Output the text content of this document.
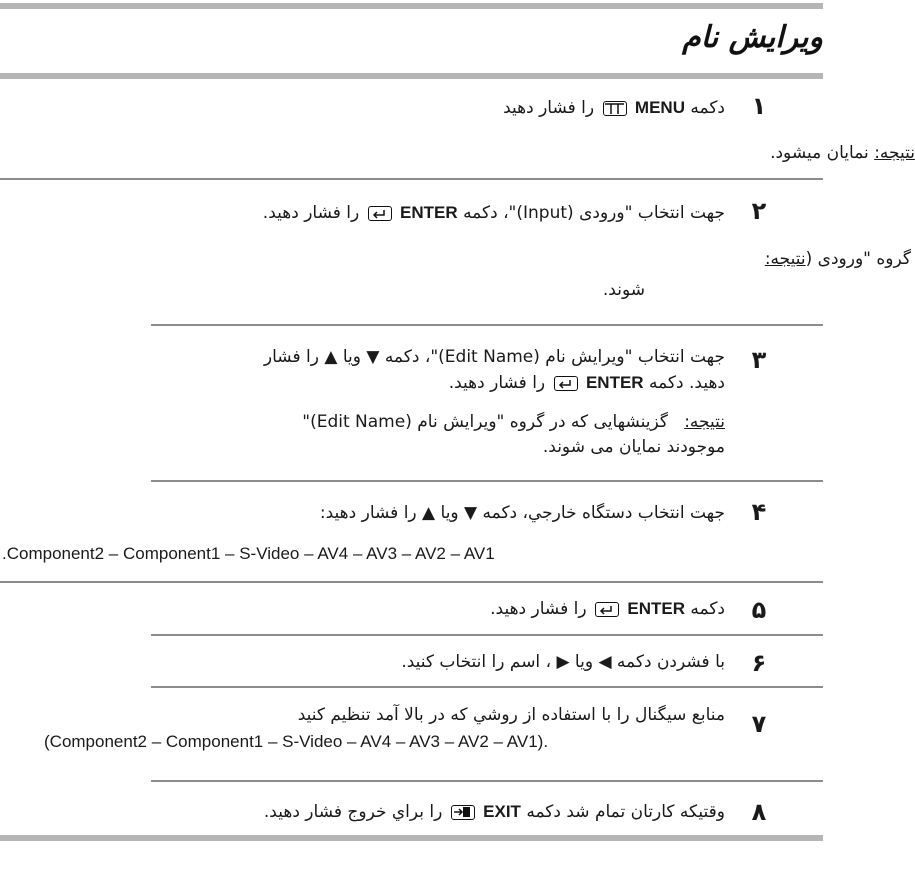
ویرایش نام
۱
دکمه MENU
را فشار دهید
نتیجه: نمایان میشود.
۲
جهت انتخاب "ورودی (Input)"، دکمه ENTER
را فشار دهید.
گروه "ورودی (نتیجه:
شوند.
۳
جهت انتخاب "ویرایش نام (Edit Name)"، دکمه ▼ ویا ▲ را فشار
دهید. دکمه ENTER
را فشار دهید.
نتیجه:   گزینشهایی که در گروه "ویرایش نام (Edit Name)"
موجودند نمایان می شوند.
۴
جهت انتخاب دستگاه خارجي، دکمه ▼ ویا ▲ را فشار دهید:
.Component2 – Component1 – S-Video – AV4 – AV3 – AV2 – AV1
۵
دکمه ENTER
را فشار دهید.
۶
با فشردن دکمه ◀ ویا ▶ ، اسم را انتخاب کنید.
۷
منابع سیگنال را با استفاده از روشي که در بالا آمد تنظیم کنید
(Component2 – Component1 – S-Video – AV4 – AV3 – AV2 – AV1).
۸
وقتیکه کارتان تمام شد دکمه EXIT
را براي خروج فشار دهید.
